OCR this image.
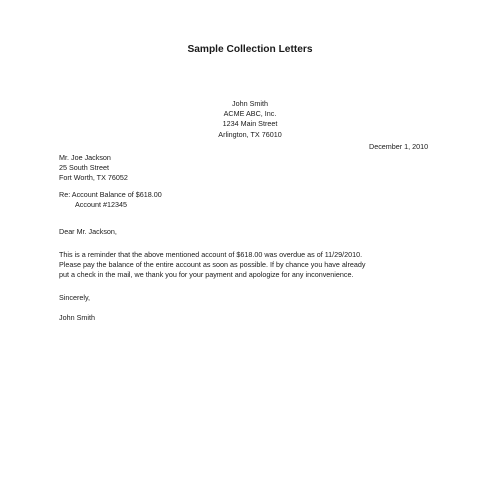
Sample Collection Letters
John Smith
ACME ABC, Inc.
1234 Main Street
Arlington, TX 76010
December 1, 2010
Mr. Joe Jackson
25 South Street
Fort Worth, TX 76052
Re: Account Balance of $618.00
Account #12345
Dear Mr. Jackson,
This is a reminder that the above mentioned account of $618.00 was overdue as of 11/29/2010.
Please pay the balance of the entire account as soon as possible. If by chance you have already
put a check in the mail, we thank you for your payment and apologize for any inconvenience.
Sincerely,
John Smith
